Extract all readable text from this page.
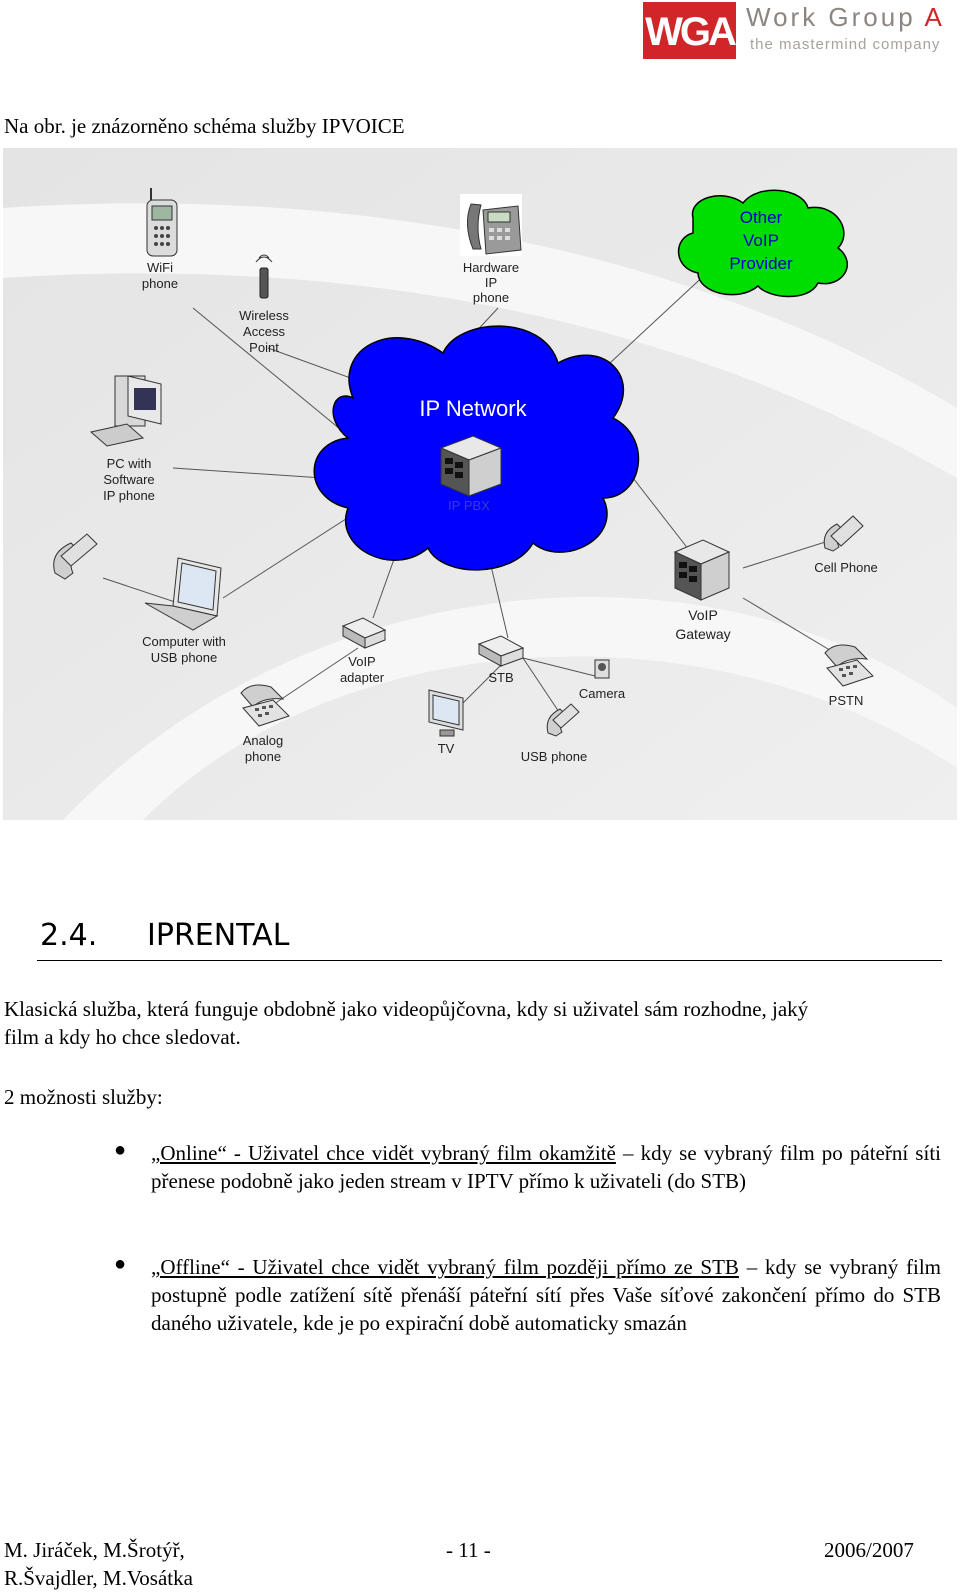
WGA Work Group A
the mastermind company
Na obr. je znázorněno schéma služby IPVOICE
IP Network
IP PBX
Other
VoIP
Provider
WiFi
phone
Wireless
Access
Point
Hardware
IP
phone
PC with
Software
IP phone
Computer with
USB phone	VoIP
adapter
Analog
phone
STB
Camera
TV
USB phone
VoIP
Gateway
Cell Phone
PSTN
2.4. IPRENTAL
Klasická služba, která funguje obdobně jako videopůjčovna, kdy si uživatel sám rozhodne, jaký
film a kdy ho chce sledovat.
2 možnosti služby:
● „Online“ - Uživatel chce vidět vybraný film okamžitě – kdy se vybraný film po páteřní síti přenese podobně jako jeden stream v IPTV přímo k uživateli (do STB)
● „Offline“ - Uživatel chce vidět vybraný film později přímo ze STB – kdy se vybraný film postupně podle zatížení sítě přenáší páteřní sítí přes Vaše síťové zakončení přímo do STB daného uživatele, kde je po expirační době automaticky smazán
M. Jiráček, M.Šrotýř,
R.Švajdler, M.Vosátka
- 11 -	2006/2007
